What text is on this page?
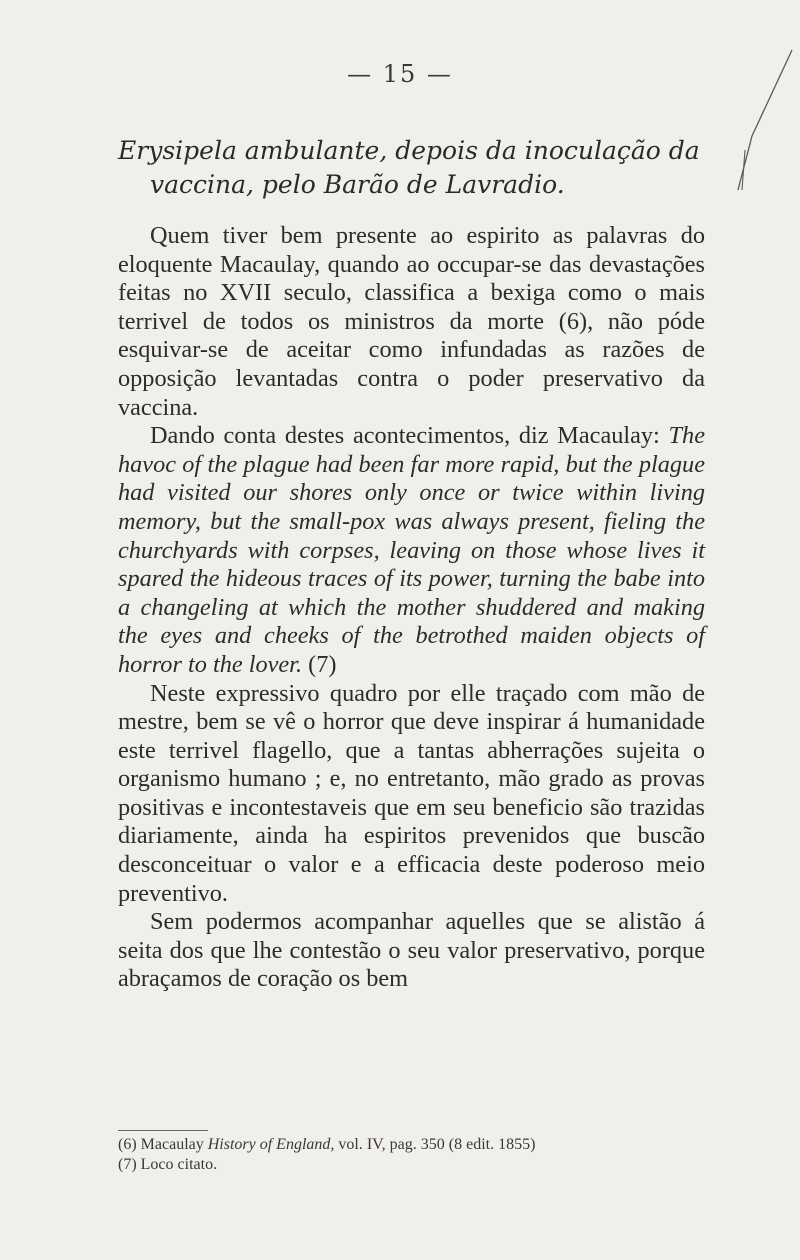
— 15 —
Erysipela ambulante, depois da inoculação da
vaccina, pelo Barão de Lavradio.

Quem tiver bem presente ao espirito as palavras do eloquente Macaulay, quando ao occupar-se das devastações feitas no XVII seculo, classifica a bexiga como o mais terrivel de todos os ministros da morte (6), não póde esquivar-se de aceitar como infundadas as razões de opposição levantadas contra o poder preservativo da vaccina.

Dando conta destes acontecimentos, diz Macaulay: The havoc of the plague had been far more rapid, but the plague had visited our shores only once or twice within living memory, but the small-pox was always present, fieling the churchyards with corpses, leaving on those whose lives it spared the hideous traces of its power, turning the babe into a changeling at which the mother shuddered and making the eyes and cheeks of the betrothed maiden objects of horror to the lover. (7)

Neste expressivo quadro por elle traçado com mão de mestre, bem se vê o horror que deve inspirar á humanidade este terrivel flagello, que a tantas abherrações sujeita o organismo humano ; e, no entretanto, mão grado as provas positivas e incontestaveis que em seu beneficio são trazidas diariamente, ainda ha espiritos prevenidos que buscão desconceituar o valor e a efficacia deste poderoso meio preventivo.

Sem podermos acompanhar aquelles que se alistão á seita dos que lhe contestão o seu valor preservativo, porque abraçamos de coração os bem

(6) Macaulay History of England, vol. IV, pag. 350 (8 edit. 1855)

(7) Loco citato.
